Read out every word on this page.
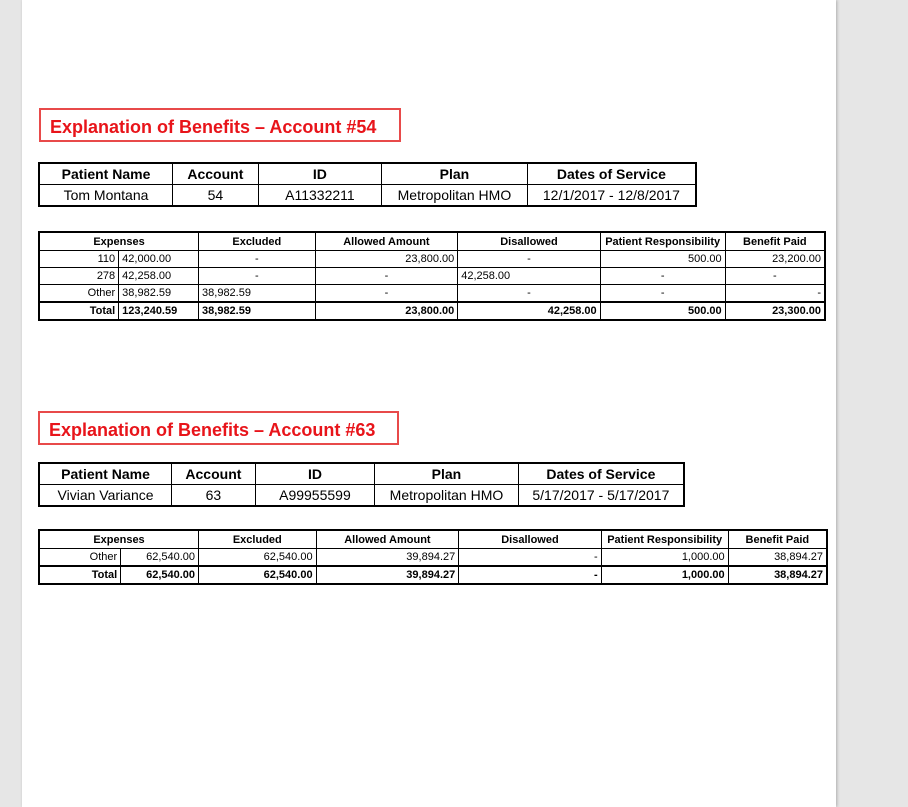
Explanation of Benefits – Account #54
Patient Name	Account	ID	Plan	Dates of Service
Tom Montana	54	A11332211	Metropolitan HMO	12/1/2017 - 12/8/2017
Expenses		Excluded	Allowed Amount	Disallowed	Patient Responsibility	Benefit Paid
110	42,000.00	-	23,800.00	-	500.00	23,200.00
278	42,258.00	-	-	42,258.00	-	-
Other	38,982.59	38,982.59	-	-	-	-
Total	123,240.59	38,982.59	23,800.00	42,258.00	500.00	23,300.00
Explanation of Benefits – Account #63
Patient Name	Account	ID	Plan	Dates of Service
Vivian Variance	63	A99955599	Metropolitan HMO	5/17/2017 - 5/17/2017
Expenses		Excluded	Allowed Amount	Disallowed	Patient Responsibility	Benefit Paid
Other	62,540.00	62,540.00	39,894.27	-	1,000.00	38,894.27
Total	62,540.00	62,540.00	39,894.27	-	1,000.00	38,894.27
